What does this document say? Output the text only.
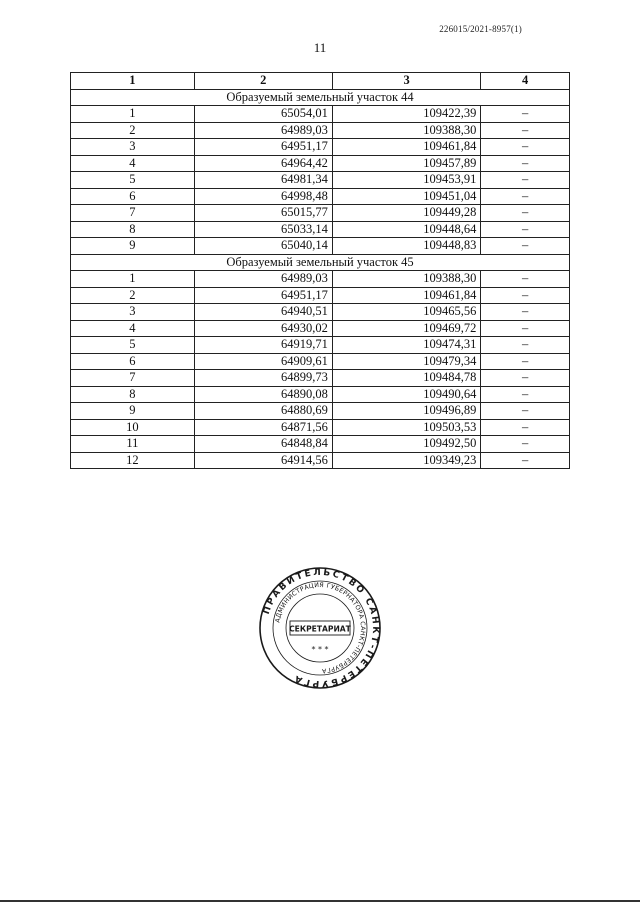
226015/2021-8957(1)
11
1	2	3	4
Образуемый земельный участок 44			
1	65054,01	109422,39	–
2	64989,03	109388,30	–
3	64951,17	109461,84	–
4	64964,42	109457,89	–
5	64981,34	109453,91	–
6	64998,48	109451,04	–
7	65015,77	109449,28	–
8	65033,14	109448,64	–
9	65040,14	109448,83	–
Образуемый земельный участок 45			
1	64989,03	109388,30	–
2	64951,17	109461,84	–
3	64940,51	109465,56	–
4	64930,02	109469,72	–
5	64919,71	109474,31	–
6	64909,61	109479,34	–
7	64899,73	109484,78	–
8	64890,08	109490,64	–
9	64880,69	109496,89	–
10	64871,56	109503,53	–
11	64848,84	109492,50	–
12	64914,56	109349,23	–
ПРАВИТЕЛЬСТВО САНКТ-ПЕТЕРБУРГА
АДМИНИСТРАЦИЯ ГУБЕРНАТОРА САНКТ-ПЕТЕРБУРГА
СЕКРЕТАРИАТ
* * *
